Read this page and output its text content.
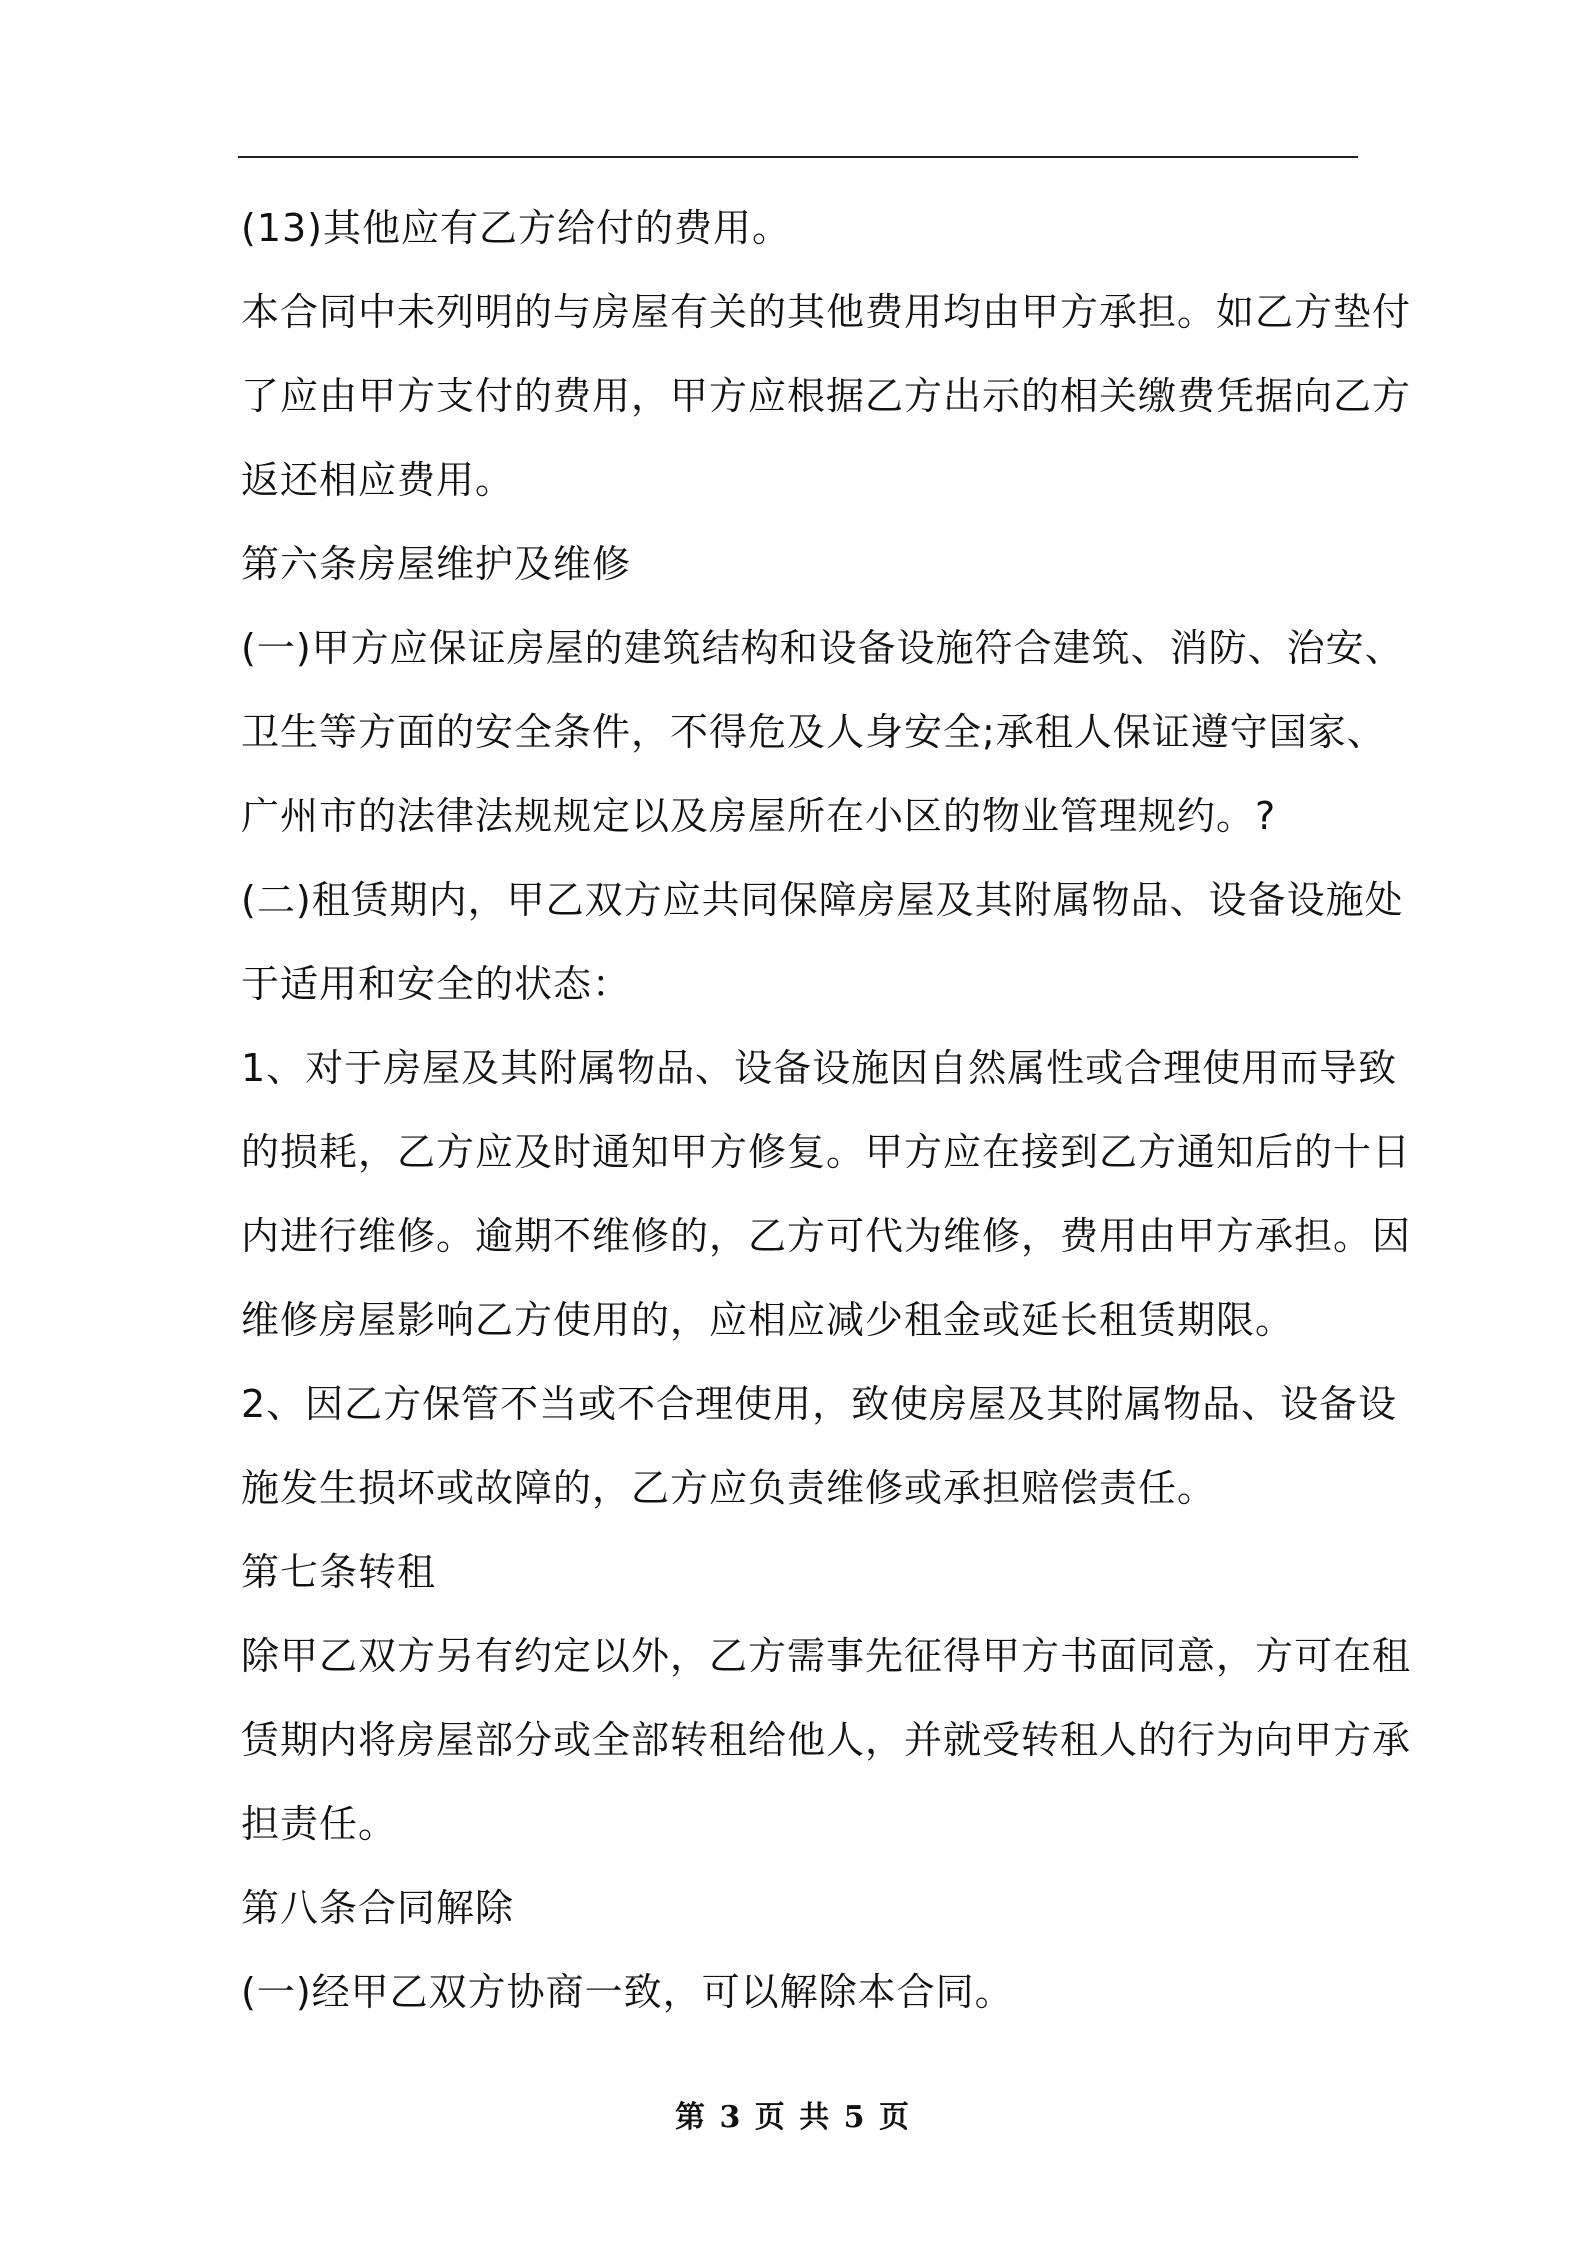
(13)其他应有乙方给付的费用。
本合同中未列明的与房屋有关的其他费用均由甲方承担。如乙方垫付
了应由甲方支付的费用，甲方应根据乙方出示的相关缴费凭据向乙方
返还相应费用。
第六条房屋维护及维修
(一)甲方应保证房屋的建筑结构和设备设施符合建筑、消防、治安、
卫生等方面的安全条件，不得危及人身安全;承租人保证遵守国家、
广州市的法律法规规定以及房屋所在小区的物业管理规约。?
(二)租赁期内，甲乙双方应共同保障房屋及其附属物品、设备设施处
于适用和安全的状态：
1、对于房屋及其附属物品、设备设施因自然属性或合理使用而导致
的损耗，乙方应及时通知甲方修复。甲方应在接到乙方通知后的十日
内进行维修。逾期不维修的，乙方可代为维修，费用由甲方承担。因
维修房屋影响乙方使用的，应相应减少租金或延长租赁期限。
2、因乙方保管不当或不合理使用，致使房屋及其附属物品、设备设
施发生损坏或故障的，乙方应负责维修或承担赔偿责任。
第七条转租
除甲乙双方另有约定以外，乙方需事先征得甲方书面同意，方可在租
赁期内将房屋部分或全部转租给他人，并就受转租人的行为向甲方承
担责任。
第八条合同解除
(一)经甲乙双方协商一致，可以解除本合同。
第 3 页 共 5 页
